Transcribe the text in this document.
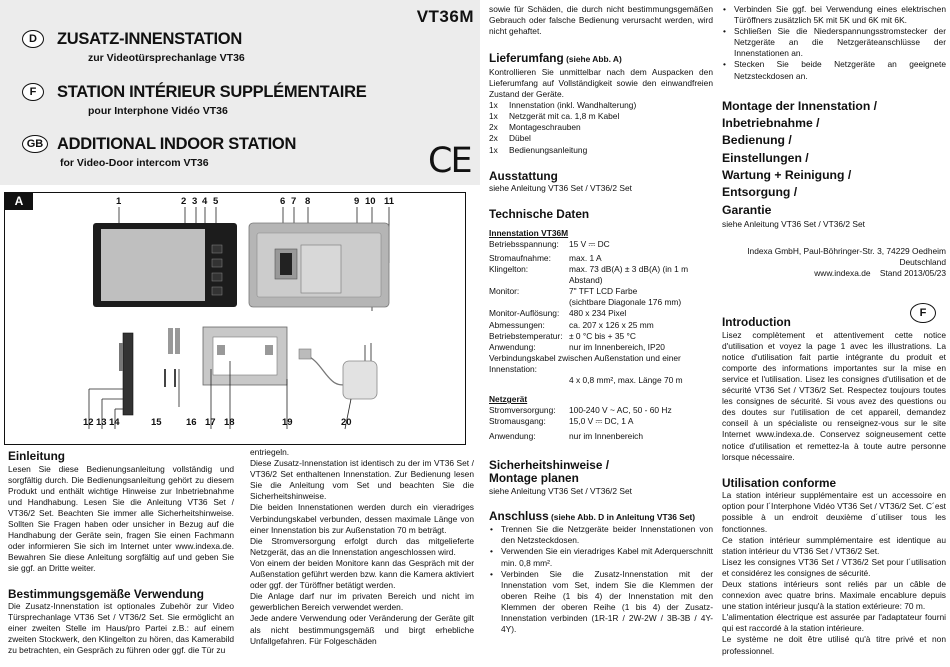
VT36M
D	ZUSATZ-INNENSTATION
zur Videotürsprechanlage VT36
F	STATION INTÉRIEUR SUPPLÉMENTAIRE
pour Interphone Vidéo VT36
GB ADDITIONAL INDOOR STATION
for Video-Door intercom VT36	CE
A	1	2 3 4 5	6 7 8	9 10 11
12 13 14	15	16 17 18	19	20
Einleitung

Lesen Sie diese Bedienungsanleitung vollständig und sorgfältig durch. Die Bedienungsanleitung gehört zu diesem Produkt und enthält wichtige Hinweise zur Inbetriebnahme und Handhabung. Lesen Sie die Anleitung VT36 Set / VT36/2 Set. Beachten Sie immer alle Sicherheitshinweise. Sollten Sie Fragen haben oder unsicher in Bezug auf die Handhabung der Geräte sein, fragen Sie einen Fachmann oder informieren Sie sich im Internet unter www.indexa.de. Bewahren Sie diese Anleitung sorgfältig auf und geben Sie sie ggf. an Dritte weiter.

Bestimmungsgemäße Verwendung

Die Zusatz-Innenstation ist optionales Zubehör zur Video Türsprechanlage VT36 Set / VT36/2 Set. Sie ermöglicht an einer zweiten Stelle im Haus/pro Partei z.B.: auf einem zweiten Stockwerk, den Klingelton zu hören, das Kamerabild zu betrachten, ein Gespräch zu führen oder ggf. die Tür zu

entriegeln.

Diese Zusatz-Innenstation ist identisch zu der im VT36 Set / VT36/2 Set enthaltenen Innenstation. Zur Bedienung lesen Sie die Anleitung vom Set und beachten Sie die Sicherheitshinweise.

Die beiden Innenstationen werden durch ein vieradriges Verbindungskabel verbunden, dessen maximale Länge von einer Innenstation bis zur Außenstation 70 m beträgt.

Die Stromversorgung erfolgt durch das mitgelieferte Netzgerät, das an die Innenstation angeschlossen wird.

Von einem der beiden Monitore kann das Gespräch mit der Außenstation geführt werden bzw. kann die Kamera aktiviert oder ggf. der Türöffner betätigt werden.

Die Anlage darf nur im privaten Bereich und nicht im gewerblichen Bereich verwendet werden.

Jede andere Verwendung oder Veränderung der Geräte gilt als nicht bestimmungsgemäß und birgt erhebliche Unfallgefahren. Für Folgeschäden

sowie für Schäden, die durch nicht bestimmungsgemäßen Gebrauch oder falsche Bedienung verursacht werden, wird nicht gehaftet.

Lieferumfang (siehe Abb. A)

Kontrollieren Sie unmittelbar nach dem Auspacken den Lieferumfang auf Vollständigkeit sowie den einwandfreien Zustand der Geräte.

1x	Innenstation (inkl. Wandhalterung)
1x	Netzgerät mit ca. 1,8 m Kabel
2x	Montageschrauben
2x	Dübel
1x	Bedienungsanleitung
Ausstattung

siehe Anleitung VT36 Set / VT36/2 Set

Technische Daten

Innenstation VT36M

Betriebsspannung:	15 V ⎓ DC
Stromaufnahme:	max. 1 A
Klingelton:	max. 73 dB(A) ± 3 dB(A) (in 1 m Abstand)
Monitor:	7" TFT LCD Farbe
(sichtbare Diagonale 176 mm)
Monitor-Auflösung:	480 x 234 Pixel
Abmessungen:	ca. 207 x 126 x 25 mm
Betriebstemperatur: ± 0 °C bis + 35 °C
Anwendung:	nur im Innenbereich, IP20

Verbindungskabel zwischen Außenstation und einer Innenstation:

4 x 0,8 mm², max. Länge 70 m

Netzgerät

Stromversorgung:	100-240 V ~ AC, 50 - 60 Hz
Stromausgang:	15,0 V ⎓ DC, 1 A
Anwendung:	nur im Innenbereich
Sicherheitshinweise /
Montage planen

siehe Anleitung VT36 Set / VT36/2 Set

Anschluss (siehe Abb. D in Anleitung VT36 Set)
• Trennen Sie die Netzgeräte beider Innenstationen von den Netzsteckdosen.
• Verwenden Sie ein vieradriges Kabel mit Aderquerschnitt min. 0,8 mm².
• Verbinden Sie die Zusatz-Innenstation mit der Innenstation vom Set, indem Sie die Klemmen der oberen Reihe (1 bis 4) der Innenstation mit den Klemmen der oberen Reihe (1 bis 4) der Zusatz-Innenstation verbinden (1R-1R / 2W-2W / 3B-3B / 4Y-4Y).
• Verbinden Sie ggf. bei Verwendung eines elektrischen Türöffners zusätzlich 5K mit 5K und 6K mit 6K.
• Schließen Sie die Niederspannungsstromstecker der Netzgeräte an die Netzgeräteanschlüsse der Innenstationen an.
• Stecken Sie beide Netzgeräte an geeignete Netzsteckdosen an.
Montage der Innenstation /
Inbetriebnahme /
Bedienung /
Einstellungen /
Wartung + Reinigung /
Entsorgung /
Garantie

siehe Anleitung VT36 Set / VT36/2 Set

Indexa GmbH, Paul-Böhringer-Str. 3, 74229 Oedheim

Deutschland

www.indexa.de    Stand 2013/05/23

F
Introduction

Lisez complètement et attentivement cette notice d'utilisation et voyez la page 1 avec les illustrations. La notice d'utilisation fait partie intégrante du produit et comporte des informations importantes sur la mise en service et l'utilisation. Lisez les consignes d'utilisation et de sécurité VT36 Set / VT36/2 Set. Respectez toujours toutes les consignes de sécurité. Si vous avez des questions ou des doutes sur l'utilisation de cet appareil, demandez conseil à un spécialiste ou renseignez-vous sur le site Internet www.indexa.de. Conservez soigneusement cette notice d'utilisation et remettez-la à toute autre personne lorsque nécessaire.

Utilisation conforme

La station intérieur supplémentaire est un accessoire en option pour l´Interphone Vidéo VT36 Set / VT36/2 Set. C´est possible à un endroit deuxième d´utiliser tous les fonctionnes.

Ce station intérieur summplémentaire est identique au station intérieur du VT36 Set / VT36/2 Set.

Lisez les consignes VT36 Set / VT36/2 Set pour l´utilisation et considérez les consignes de sécurité.

Deux stations intérieurs sont reliés par un câble de connexion avec quatre brins. Maximale encablure depuis une station intérieur jusqu'à la station extérieure: 70 m.

L'alimentation électrique est assurée par l'adaptateur fourni qui est raccordé à la station intérieure.

Le système ne doit être utilisé qu'à titre privé et non professionnel.
